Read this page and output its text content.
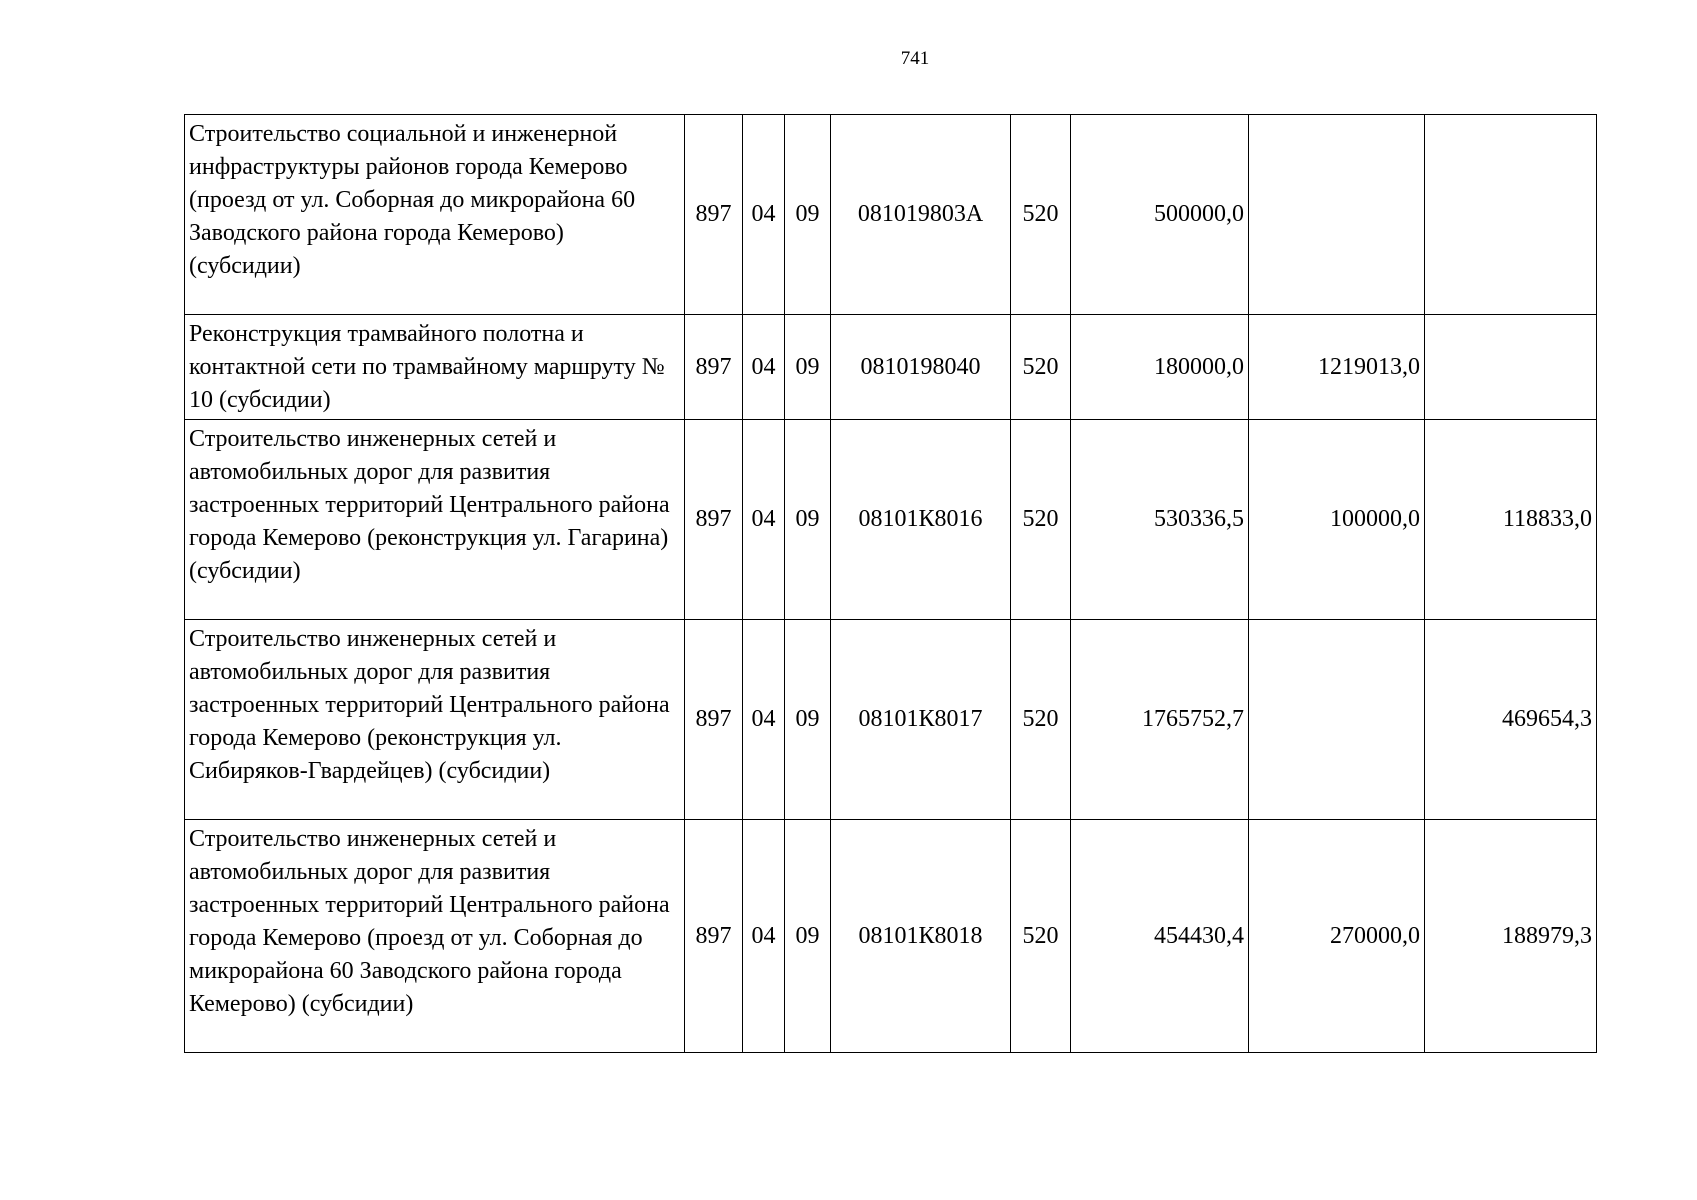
741
Строительство социальной и инженерной инфраструктуры районов города Кемерово (проезд от ул. Соборная до микрорайона 60 Заводского района города Кемерово) (субсидии)	897	04	09	081019803А	520	500000,0		
Реконструкция трамвайного полотна и контактной сети по трамвайному маршруту № 10 (субсидии)	897	04	09	0810198040	520	180000,0	1219013,0	
Строительство инженерных сетей и автомобильных дорог для развития застроенных территорий Центрального района города Кемерово (реконструкция ул. Гагарина) (субсидии)	897	04	09	08101К8016	520	530336,5	100000,0	118833,0
Строительство инженерных сетей и автомобильных дорог для развития застроенных территорий Центрального района города Кемерово (реконструкция ул. Сибиряков-Гвардейцев) (субсидии)	897	04	09	08101К8017	520	1765752,7		469654,3
Строительство инженерных сетей и автомобильных дорог для развития застроенных территорий Центрального района города Кемерово (проезд от ул. Соборная до микрорайона 60 Заводского района города Кемерово) (субсидии)	897	04	09	08101К8018	520	454430,4	270000,0	188979,3
